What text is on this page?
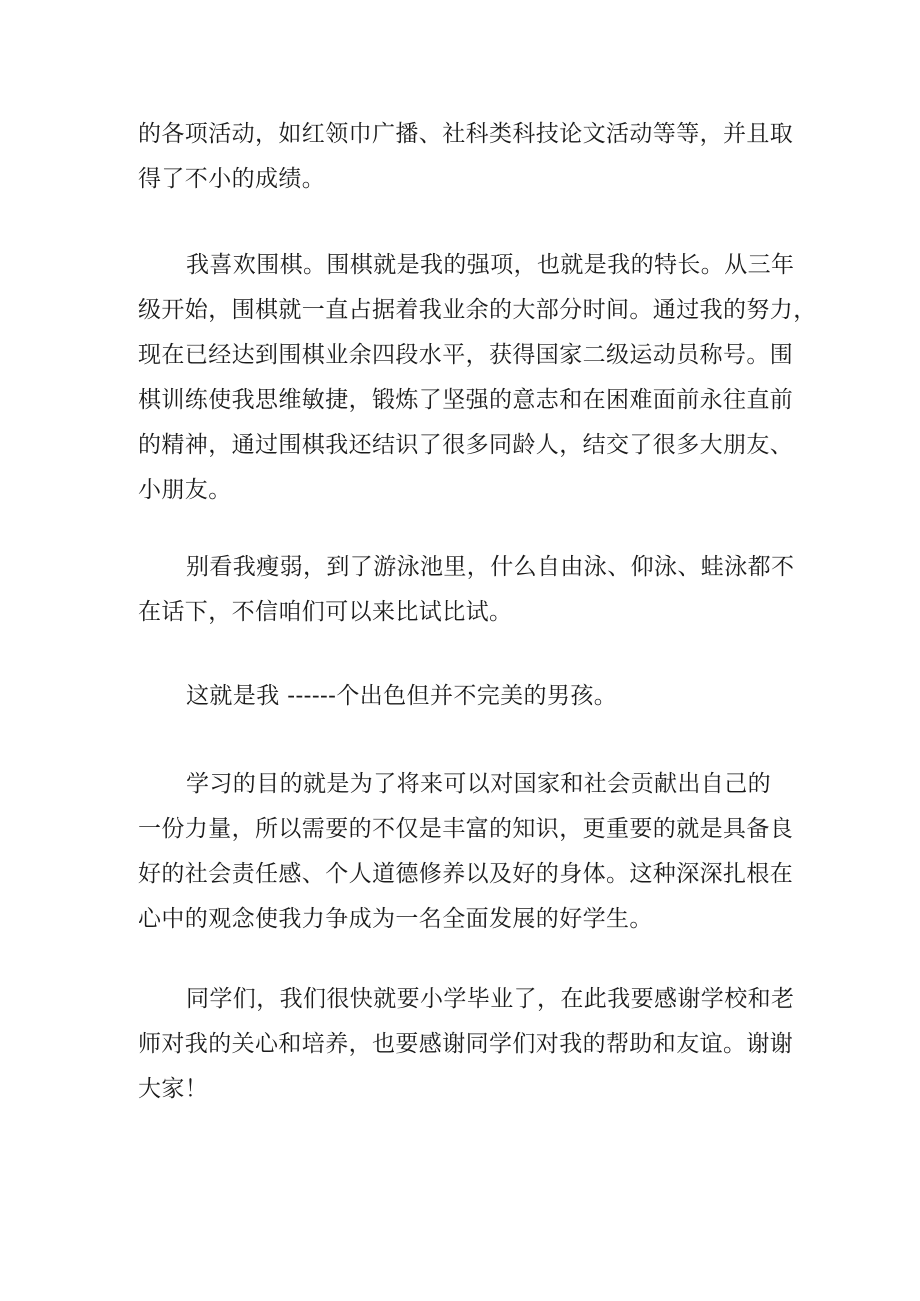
的各项活动，如红领巾广播、社科类科技论文活动等等，并且取
得了不小的成绩。

我喜欢围棋。围棋就是我的强项，也就是我的特长。从三年
级开始，围棋就一直占据着我业余的大部分时间。通过我的努力，
现在已经达到围棋业余四段水平，获得国家二级运动员称号。围
棋训练使我思维敏捷，锻炼了坚强的意志和在困难面前永往直前
的精神，通过围棋我还结识了很多同龄人，结交了很多大朋友、
小朋友。

别看我瘦弱，到了游泳池里，什么自由泳、仰泳、蛙泳都不
在话下，不信咱们可以来比试比试。

这就是我 ------个出色但并不完美的男孩。

学习的目的就是为了将来可以对国家和社会贡献出自己的
一份力量，所以需要的不仅是丰富的知识，更重要的就是具备良
好的社会责任感、个人道德修养以及好的身体。这种深深扎根在
心中的观念使我力争成为一名全面发展的好学生。

同学们，我们很快就要小学毕业了，在此我要感谢学校和老
师对我的关心和培养，也要感谢同学们对我的帮助和友谊。谢谢
大家！
